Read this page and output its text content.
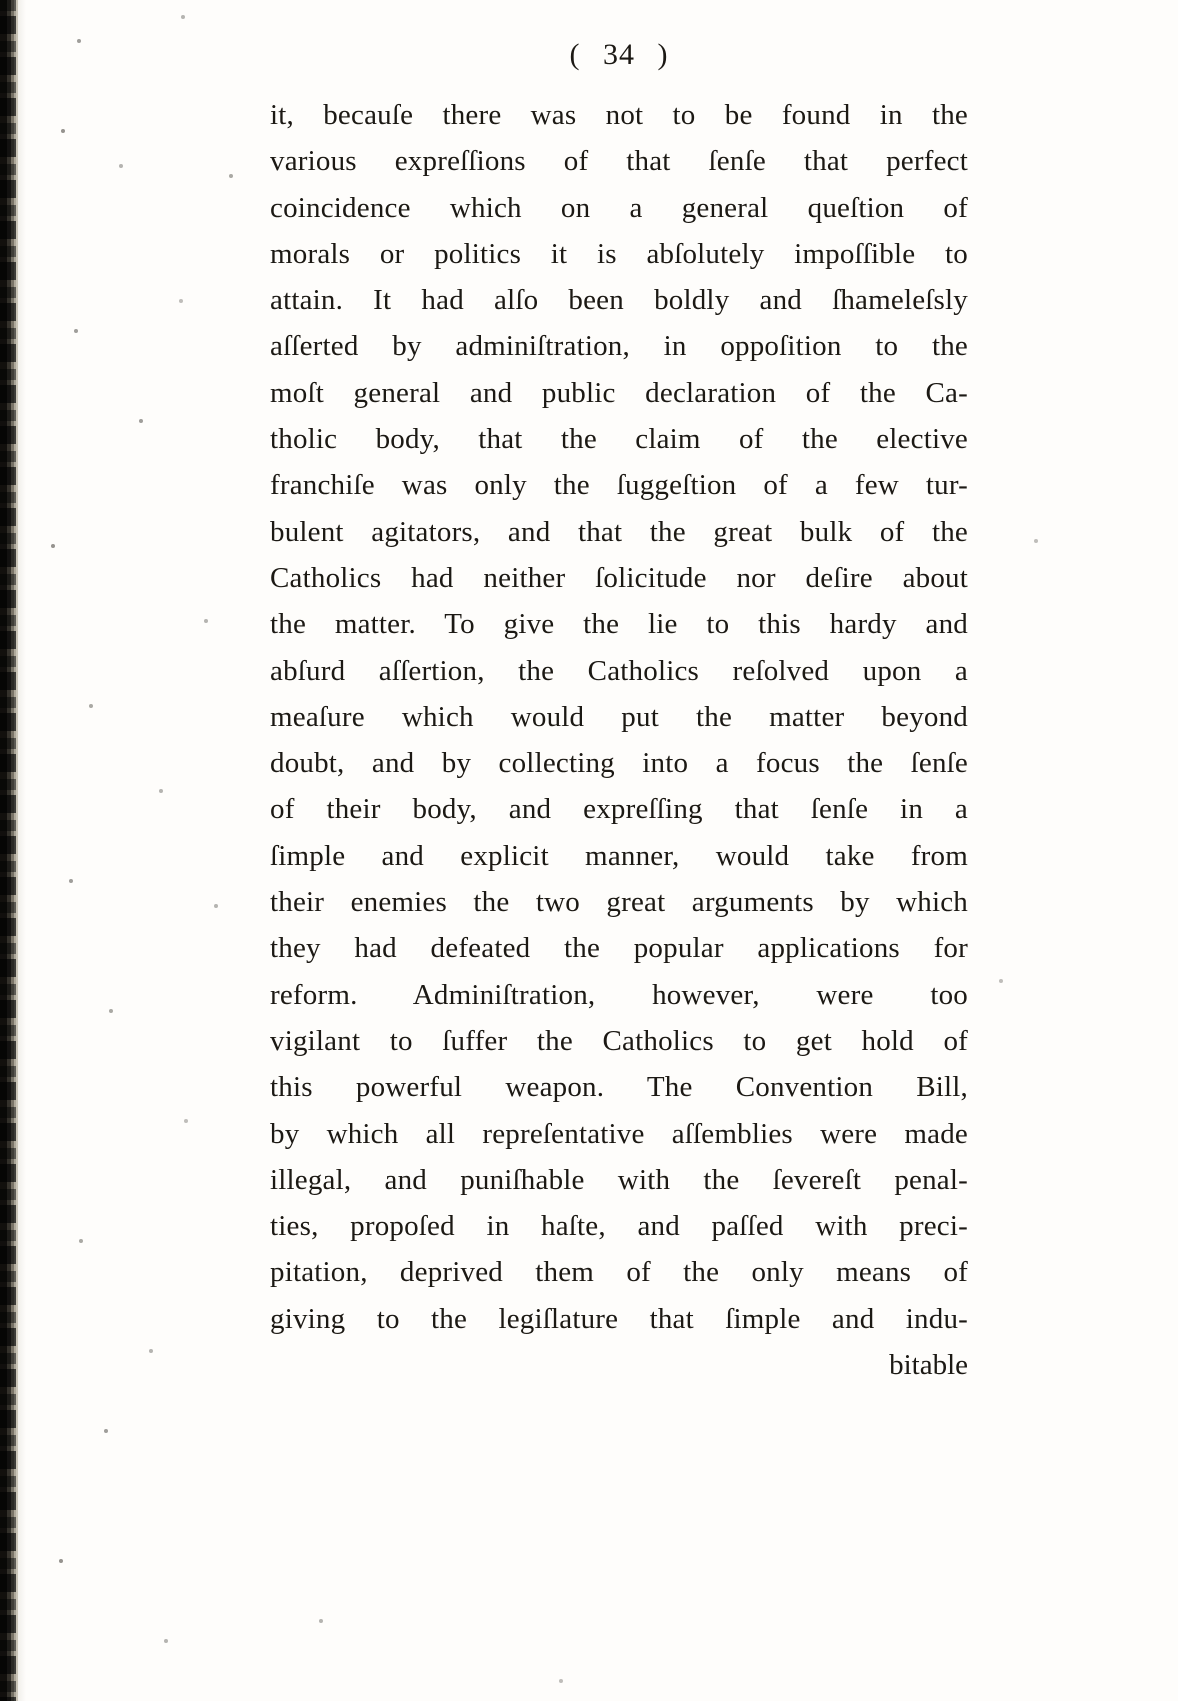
( 34 )
it, becauſe there was not to be found in the
various expreſſions of that ſenſe that perfect
coincidence which on a general queſtion of
morals or politics it is abſolutely impoſſible to
attain. It had alſo been boldly and ſhameleſsly
aſſerted by adminiſtration, in oppoſition to the
moſt general and public declaration of the Ca-
tholic body, that the claim of the elective
franchiſe was only the ſuggeſtion of a few tur-
bulent agitators, and that the great bulk of the
Catholics had neither ſolicitude nor deſire about
the matter. To give the lie to this hardy and
abſurd aſſertion, the Catholics reſolved upon a
meaſure which would put the matter beyond
doubt, and by collecting into a focus the ſenſe
of their body, and expreſſing that ſenſe in a
ſimple and explicit manner, would take from
their enemies the two great arguments by which
they had defeated the popular applications for
reform. Adminiſtration, however, were too
vigilant to ſuffer the Catholics to get hold of
this powerful weapon. The Convention Bill,
by which all repreſentative aſſemblies were made
illegal, and puniſhable with the ſevereſt penal-
ties, propoſed in haſte, and paſſed with preci-
pitation, deprived them of the only means of
giving to the legiſlature that ſimple and indu-
bitable
